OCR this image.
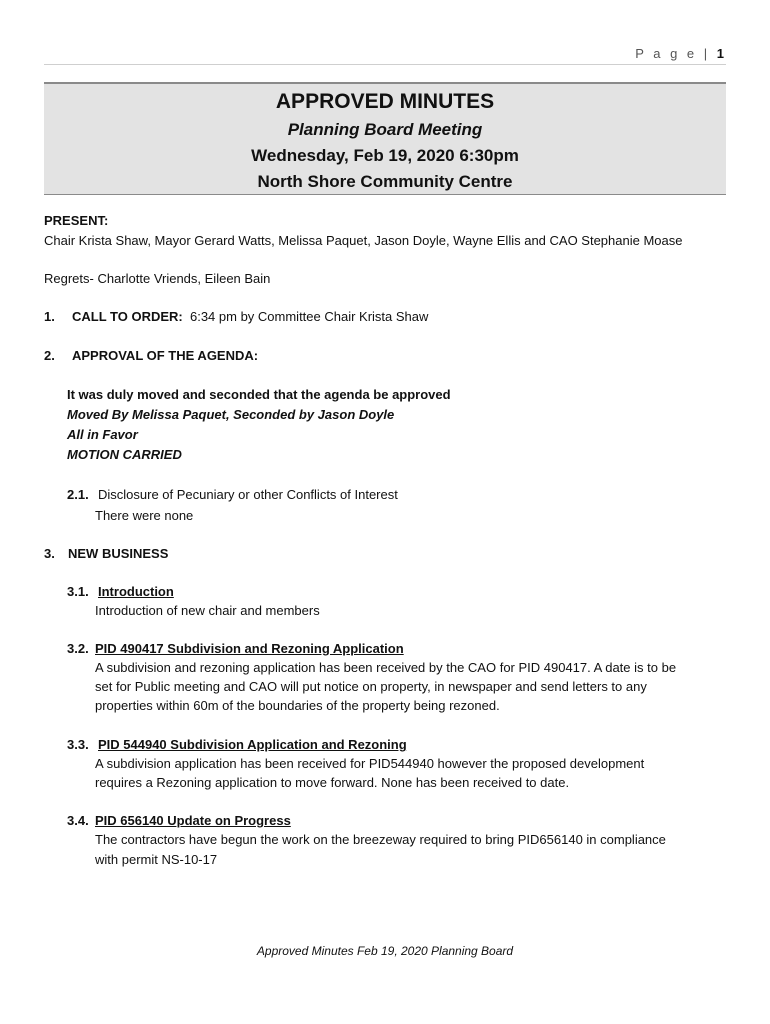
P a g e | 1
APPROVED MINUTES
Planning Board Meeting
Wednesday, Feb 19, 2020 6:30pm
North Shore Community Centre
PRESENT:
Chair Krista Shaw, Mayor Gerard Watts, Melissa Paquet, Jason Doyle, Wayne Ellis and CAO Stephanie Moase
Regrets- Charlotte Vriends, Eileen Bain
1. CALL TO ORDER: 6:34 pm by Committee Chair Krista Shaw
2. APPROVAL OF THE AGENDA:
It was duly moved and seconded that the agenda be approved
Moved By Melissa Paquet, Seconded by Jason Doyle
All in Favor
MOTION CARRIED
2.1. Disclosure of Pecuniary or other Conflicts of Interest
There were none
3. NEW BUSINESS
3.1. Introduction
Introduction of new chair and members
3.2. PID 490417 Subdivision and Rezoning Application
A subdivision and rezoning application has been received by the CAO for PID 490417. A date is to be
set for Public meeting and CAO will put notice on property, in newspaper and send letters to any
properties within 60m of the boundaries of the property being rezoned.
3.3. PID 544940 Subdivision Application and Rezoning
A subdivision application has been received for PID544940 however the proposed development
requires a Rezoning application to move forward. None has been received to date.
3.4. PID 656140 Update on Progress
The contractors have begun the work on the breezeway required to bring PID656140 in compliance
with permit NS-10-17
Approved Minutes Feb 19, 2020 Planning Board
